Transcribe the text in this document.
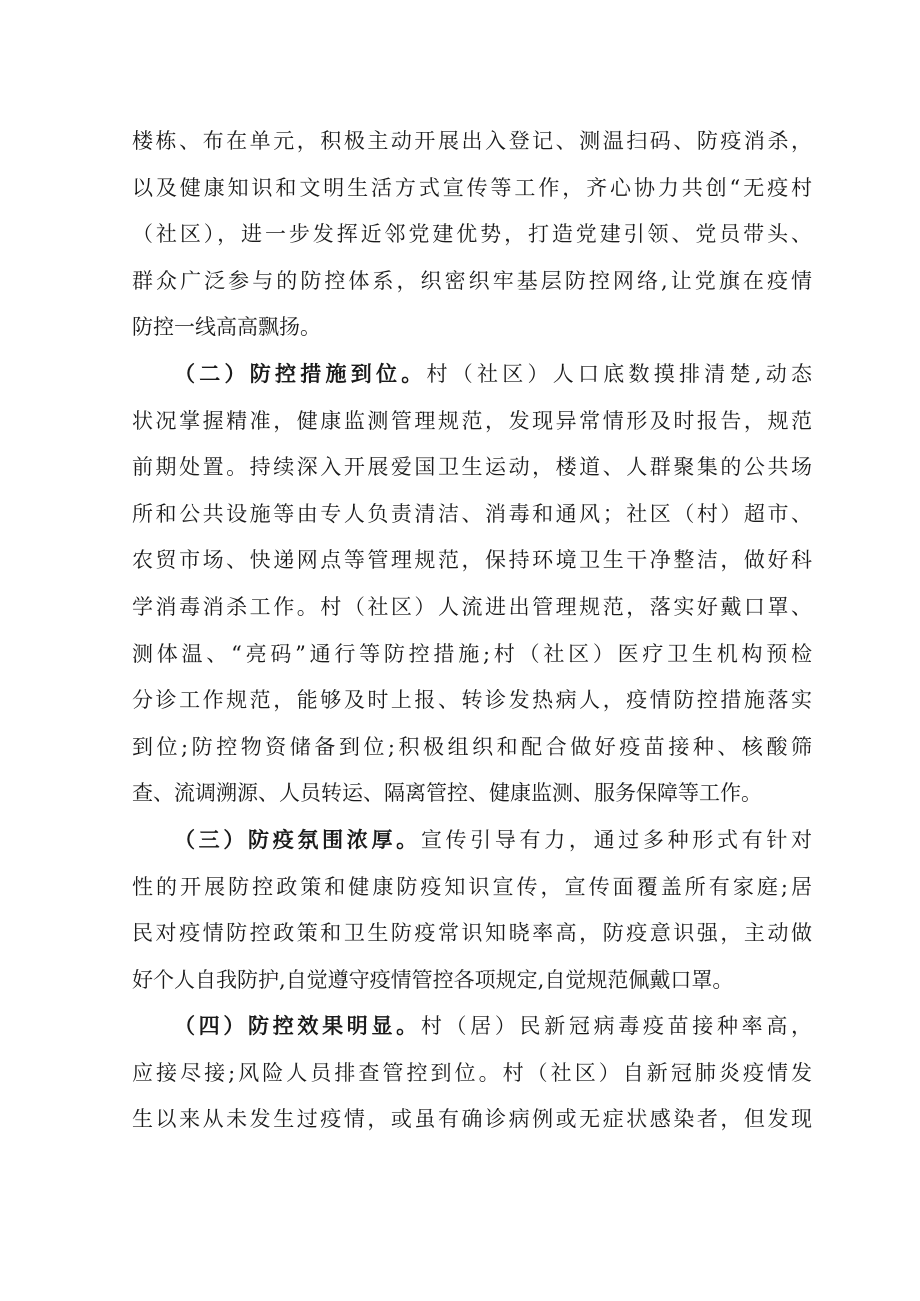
楼栋、布在单元，积极主动开展出入登记、测温扫码、防疫消杀，
以及健康知识和文明生活方式宣传等工作，齐心协力共创“无疫村
（社区），进一步发挥近邻党建优势，打造党建引领、党员带头、
群众广泛参与的防控体系，织密织牢基层防控网络,让党旗在疫情
防控一线高高飘扬。
（二）防控措施到位。村（社区）人口底数摸排清楚,动态
状况掌握精准，健康监测管理规范，发现异常情形及时报告，规范
前期处置。持续深入开展爱国卫生运动，楼道、人群聚集的公共场
所和公共设施等由专人负责清洁、消毒和通风；社区（村）超市、
农贸市场、快递网点等管理规范，保持环境卫生干净整洁，做好科
学消毒消杀工作。村（社区）人流进出管理规范，落实好戴口罩、
测体温、“亮码”通行等防控措施;村（社区）医疗卫生机构预检
分诊工作规范，能够及时上报、转诊发热病人，疫情防控措施落实
到位;防控物资储备到位;积极组织和配合做好疫苗接种、核酸筛
查、流调溯源、人员转运、隔离管控、健康监测、服务保障等工作。
（三）防疫氛围浓厚。宣传引导有力，通过多种形式有针对
性的开展防控政策和健康防疫知识宣传，宣传面覆盖所有家庭;居
民对疫情防控政策和卫生防疫常识知晓率高，防疫意识强，主动做
好个人自我防护,自觉遵守疫情管控各项规定,自觉规范佩戴口罩。
（四）防控效果明显。村（居）民新冠病毒疫苗接种率高，
应接尽接;风险人员排查管控到位。村（社区）自新冠肺炎疫情发
生以来从未发生过疫情，或虽有确诊病例或无症状感染者，但发现
